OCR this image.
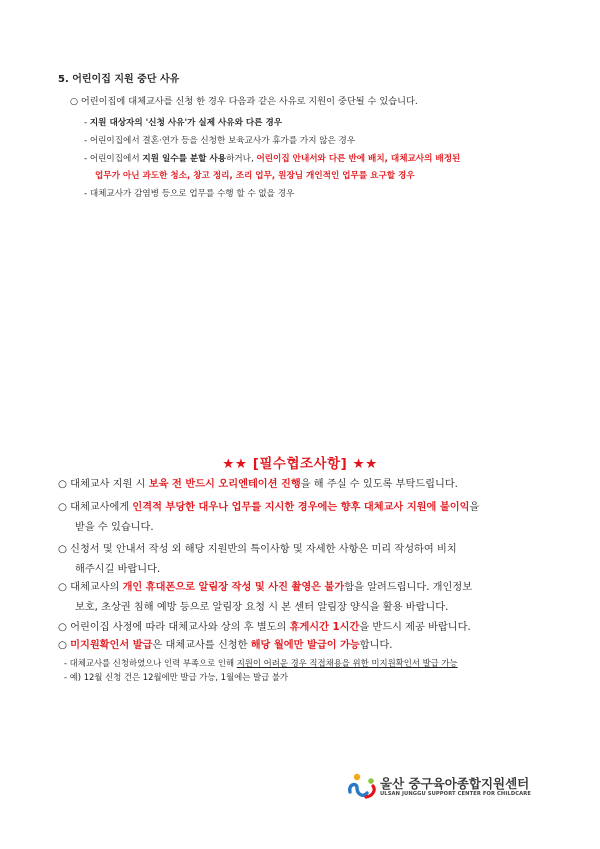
5. 어린이집 지원 중단 사유
○ 어린이집에 대체교사를 신청 한 경우 다음과 같은 사유로 지원이 중단될 수 있습니다.
- 지원 대상자의 '신청 사유'가 실제 사유와 다른 경우
- 어린이집에서 결혼·연가 등을 신청한 보육교사가 휴가를 가지 않은 경우
- 어린이집에서 지원 일수를 분할 사용하거나, 어린이집 안내서와 다른 반에 배치, 대체교사의 배정된
업무가 아닌 과도한 청소, 창고 정리, 조리 업무, 원장님 개인적인 업무를 요구할 경우
- 대체교사가 감염병 등으로 업무를 수행 할 수 없을 경우
★★ [필수협조사항] ★★
○ 대체교사 지원 시 보육 전 반드시 오리엔테이션 진행을 해 주실 수 있도록 부탁드립니다.
○ 대체교사에게 인격적 부당한 대우나 업무를 지시한 경우에는 향후 대체교사 지원에 불이익을
받을 수 있습니다.
○ 신청서 및 안내서 작성 외 해당 지원반의 특이사항 및 자세한 사항은 미리 작성하여 비치
해주시길 바랍니다.
○ 대체교사의 개인 휴대폰으로 알림장 작성 및 사진 촬영은 불가함을 알려드립니다. 개인정보
보호, 초상권 침해 예방 등으로 알림장 요청 시 본 센터 알림장 양식을 활용 바랍니다.
○ 어린이집 사정에 따라 대체교사와 상의 후 별도의 휴게시간 1시간을 반드시 제공 바랍니다.
○ 미지원확인서 발급은 대체교사를 신청한 해당 월에만 발급이 가능합니다.
- 대체교사를 신청하였으나 인력 부족으로 인해 지원이 어려운 경우 직접채용을 위한 미지원확인서 발급 가능
- 예) 12월 신청 건은 12월에만 발급 가능, 1월에는 발급 불가
울산 중구육아종합지원센터
ULSAN JUNGGU SUPPORT CENTER FOR CHILDCARE
